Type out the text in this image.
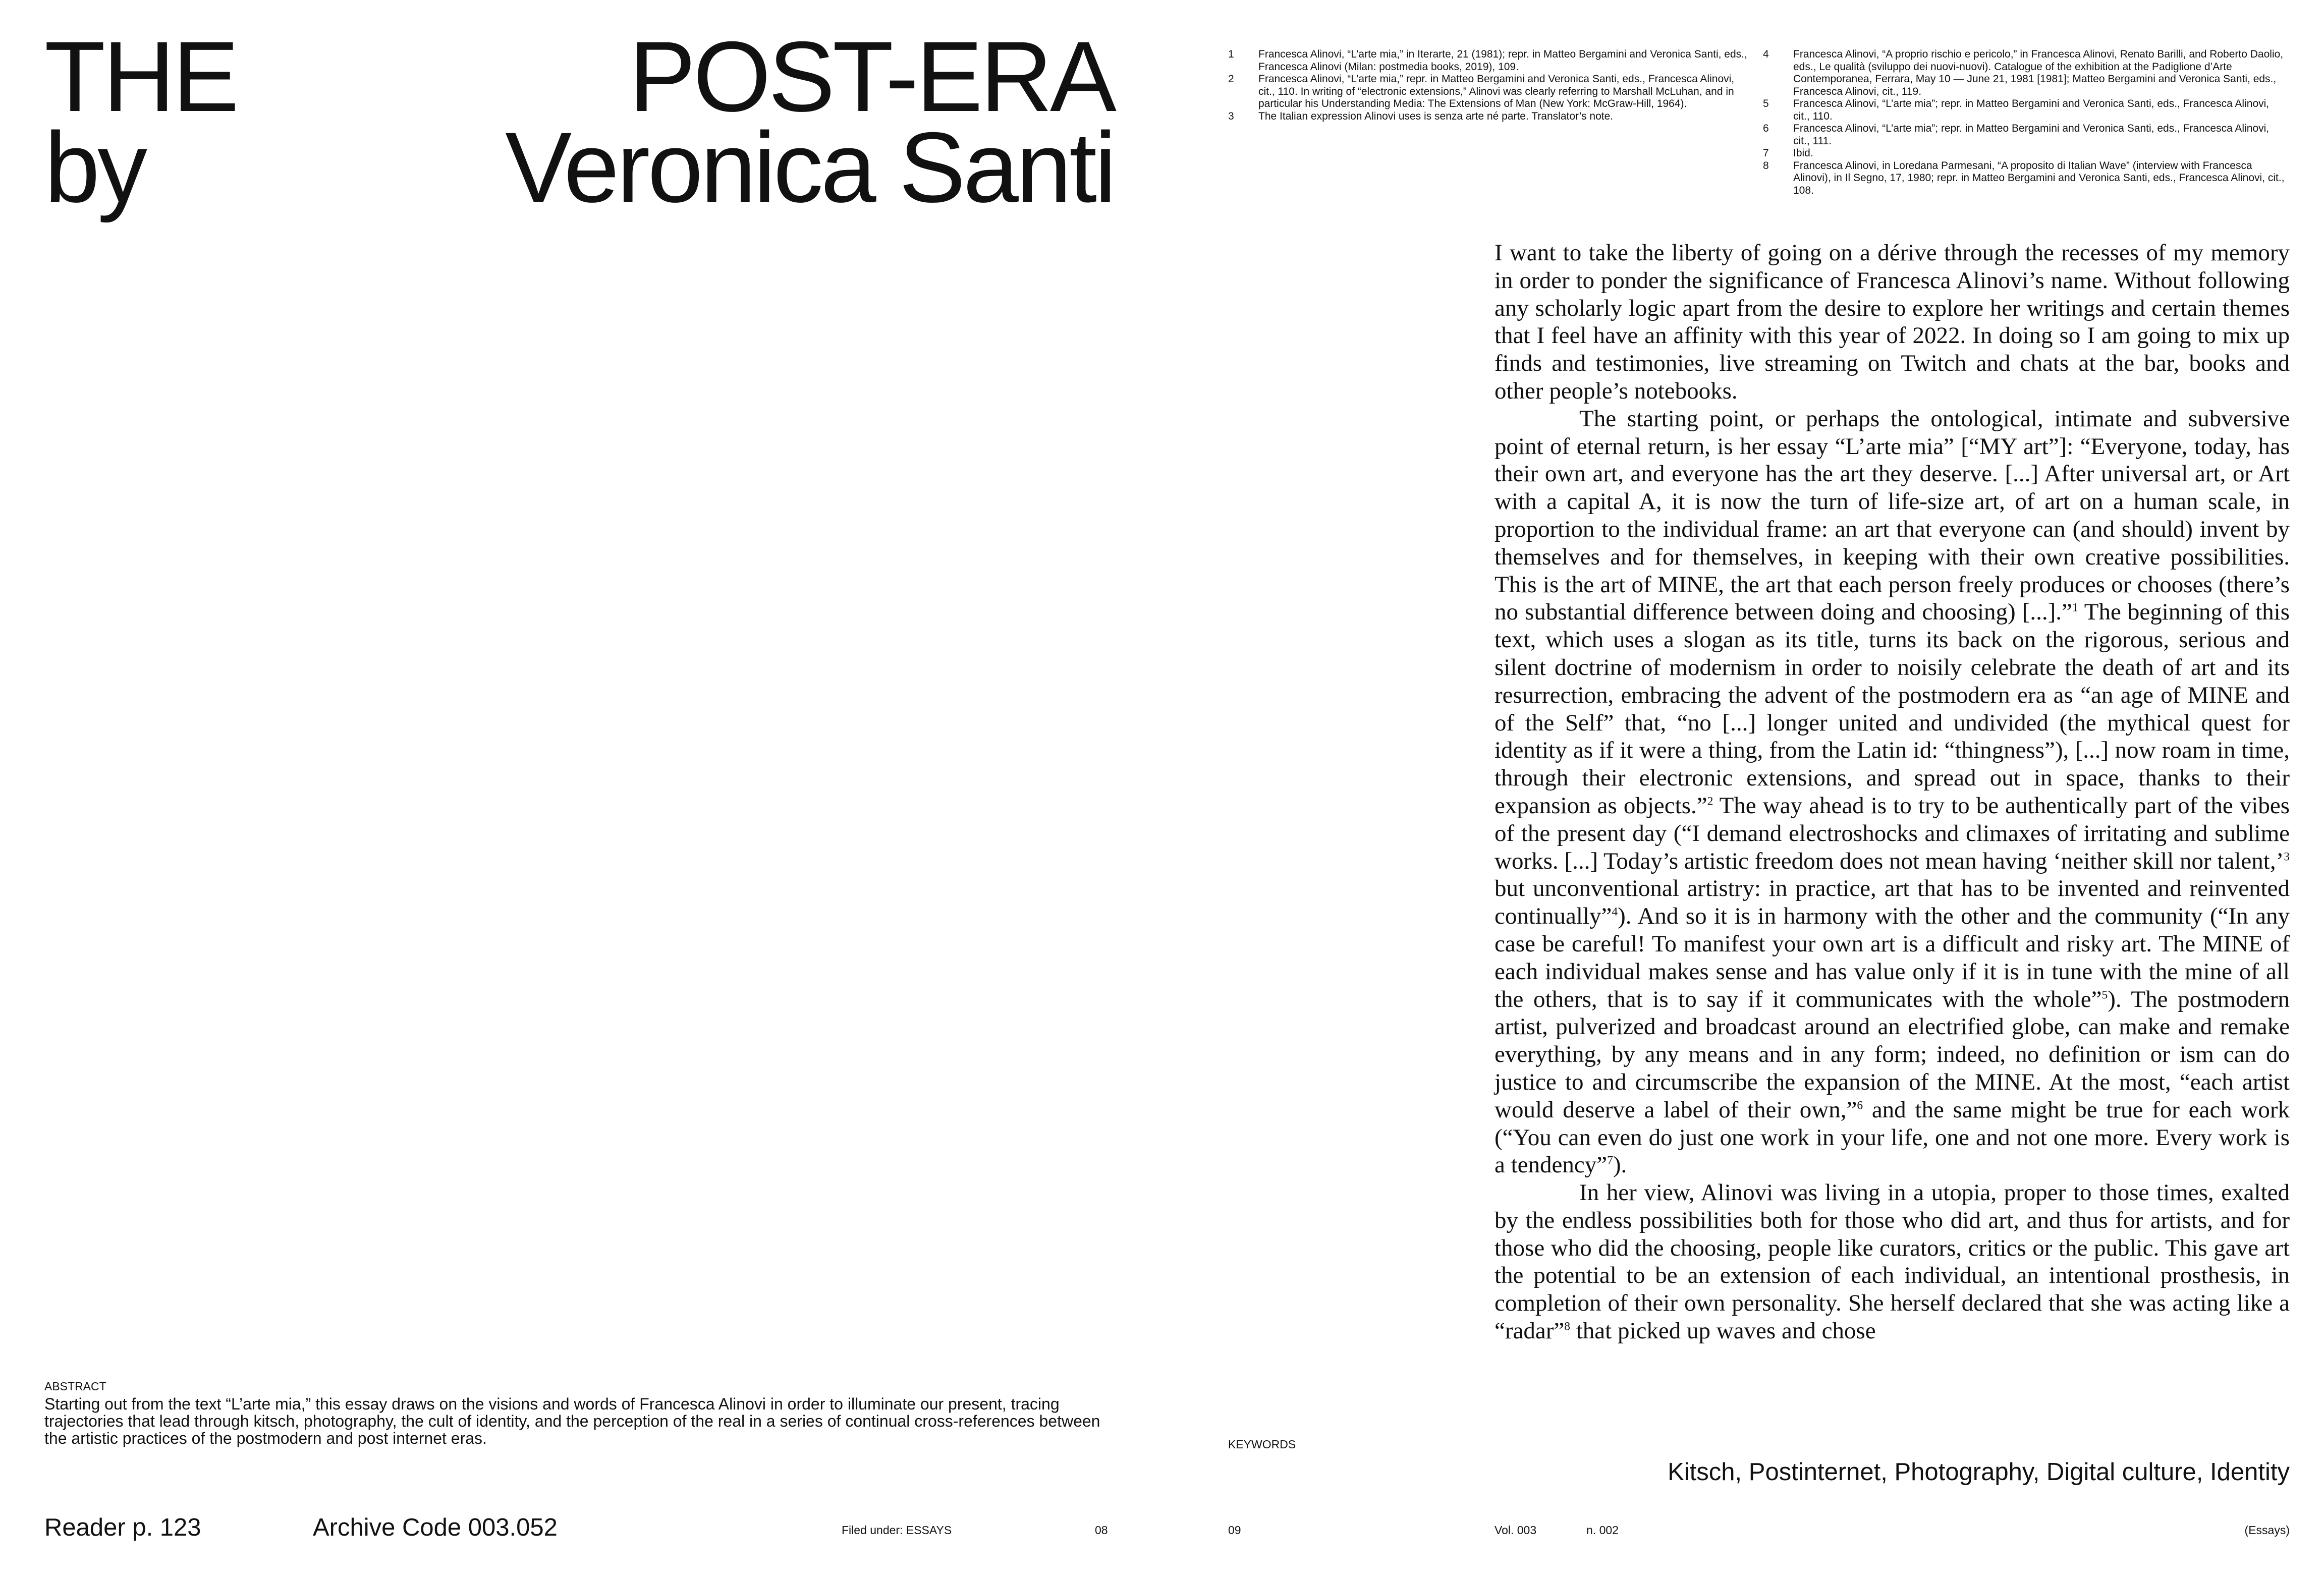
THE	POST-ERA
by	Veronica Santi
1	Francesca Alinovi, “L’arte mia,” in Iterarte, 21 (1981); repr. in Matteo Bergamini and Veronica Santi, eds., Francesca Alinovi (Milan: postmedia books, 2019), 109.
2	Francesca Alinovi, “L’arte mia,” repr. in Matteo Bergamini and Veronica Santi, eds., Francesca Alinovi, cit., 110. In writing of “electronic extensions,” Alinovi was clearly referring to Marshall McLuhan, and in particular his Understanding Media: The Extensions of Man (New York: McGraw-Hill, 1964).
3	The Italian expression Alinovi uses is senza arte né parte. Translator’s note.
4	Francesca Alinovi, “A proprio rischio e pericolo,” in Francesca Alinovi, Renato Barilli, and Roberto Daolio, eds., Le qualità (sviluppo dei nuovi-nuovi). Catalogue of the exhibition at the Padiglione d’Arte Contemporanea, Ferrara, May 10 — June 21, 1981 [1981]; Matteo Bergamini and Veronica Santi, eds., Francesca Alinovi, cit., 119.
5	Francesca Alinovi, “L’arte mia”; repr. in Matteo Bergamini and Veronica Santi, eds., Francesca Alinovi, cit., 110.
6	Francesca Alinovi, “L’arte mia”; repr. in Matteo Bergamini and Veronica Santi, eds., Francesca Alinovi, cit., 111.
7	Ibid.
8	Francesca Alinovi, in Loredana Parmesani, “A proposito di Italian Wave” (interview with Francesca Alinovi), in Il Segno, 17, 1980; repr. in Matteo Bergamini and Veronica Santi, eds., Francesca Alinovi, cit., 108.

I want to take the liberty of going on a dérive through the recesses of my memory in order to ponder the significance of Francesca Alinovi’s name. Without following any scholarly logic apart from the desire to explore her writings and certain themes that I feel have an affinity with this year of 2022. In doing so I am going to mix up finds and testimonies, live streaming on Twitch and chats at the bar, books and other people’s notebooks.

The starting point, or perhaps the ontological, intimate and subversive point of eternal return, is her essay “L’arte mia” [“MY art”]: “Everyone, today, has their own art, and everyone has the art they deserve. [...] After universal art, or Art with a capital A, it is now the turn of life-size art, of art on a human scale, in proportion to the individual frame: an art that everyone can (and should) invent by themselves and for themselves, in keeping with their own creative possibilities. This is the art of MINE, the art that each person freely produces or chooses (there’s no substantial difference between doing and choosing) [...].”$^1$ The beginning of this text, which uses a slogan as its title, turns its back on the rigorous, serious and silent doctrine of modernism in order to noisily celebrate the death of art and its resurrection, embracing the advent of the postmodern era as “an age of MINE and of the Self” that, “no [...] longer united and undivided (the mythical quest for identity as if it were a thing, from the Latin id: “thingness”), [...] now roam in time, through their electronic extensions, and spread out in space, thanks to their expansion as objects.”$^2$ The way ahead is to try to be authentically part of the vibes of the present day (“I demand electroshocks and climaxes of irritating and sublime works. [...] Today’s artistic freedom does not mean having ‘neither skill nor talent,’$^3$ but unconventional artistry: in practice, art that has to be invented and reinvented continually”$^4$). And so it is in harmony with the other and the community (“In any case be careful! To manifest your own art is a difficult and risky art. The MINE of each individual makes sense and has value only if it is in tune with the mine of all the others, that is to say if it communicates with the whole”$^5$). The postmodern artist, pulverized and broadcast around an electrified globe, can make and remake everything, by any means and in any form; indeed, no definition or ism can do justice to and circumscribe the expansion of the MINE. At the most, “each artist would deserve a label of their own,”$^6$ and the same might be true for each work (“You can even do just one work in your life, one and not one more. Every work is a tendency”$^7$).

In her view, Alinovi was living in a utopia, proper to those times, exalted by the endless possibilities both for those who did art, and thus for artists, and for those who did the choosing, people like curators, critics or the public. This gave art the potential to be an extension of each individual, an intentional prosthesis, in completion of their own personality. She herself declared that she was acting like a “radar”$^8$ that picked up waves and chose

ABSTRACT
Starting out from the text “L’arte mia,” this essay draws on the visions and words of Francesca Alinovi in order to illuminate our present, tracing trajectories that lead through kitsch, photography, the cult of identity, and the perception of the real in a series of continual cross-references between the artistic practices of the postmodern and post internet eras.	KEYWORDS
Kitsch, Postinternet, Photography, Digital culture, Identity
Reader p. 123	Archive Code 003.052	Filed under: ESSAYS	08	09	Vol. 003	n. 002	(Essays)
